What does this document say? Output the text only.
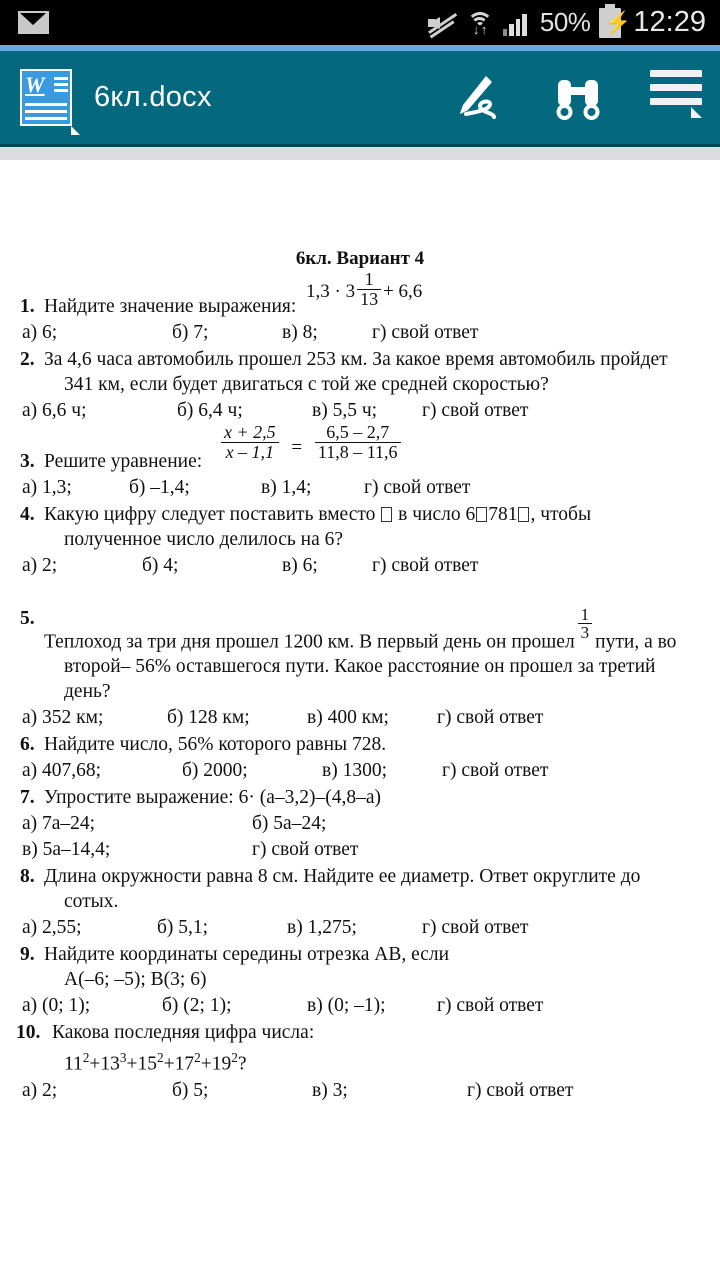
↓ ↑ 50% ⚡ 12:29
W 6кл.docx
6кл. Вариант 4
$1,3 \cdot 3 \frac{1}{13} + 6,6$
1. Найдите значение выражения:
а) 6;	б) 7;	в) 8;	г) свой ответ
2. За 4,6 часа автомобиль прошел 253 км. За какое время автомобиль пройдет
341 км, если будет двигаться с той же средней скоростью?
а) 6,6 ч;	б) 6,4 ч;	в) 5,5 ч;	г) свой ответ
$\frac{x + 2,5}{x - 1,1} = \frac{6,5 - 2,7}{11,8 - 11,6}$
3. Решите уравнение:
а) 1,3;	б) –1,4;	в) 1,4;	г) свой ответ
4. Какую цифру следует поставить вместо в число 6 781 , чтобы
полученное число делилось на 6?
а) 2;	б) 4;	в) 6;	г) свой ответ
5.
Теплоход за три дня прошел 1200 км. В первый день он прошел
$\frac{1}{3}$
пути, а во
второй– 56% оставшегося пути. Какое расстояние он прошел за третий день?
а) 352 км;	б) 128 км;	в) 400 км;	г) свой ответ
6. Найдите число, 56% которого равны 728.
а) 407,68;	б) 2000;	в) 1300;	г) свой ответ
7. Упростите выражение: 6· (а–3,2)–(4,8–а)
а) 7а–24;	б) 5а–24;
в) 5а–14,4;	г) свой ответ
8. Длина окружности равна 8 см. Найдите ее диаметр. Ответ округлите до
сотых.
а) 2,55;	б) 5,1;	в) 1,275;	г) свой ответ
9. Найдите координаты середины отрезка АВ, если
А(–6; –5); В(3; 6)
а) (0; 1);	б) (2; 1);	в) (0; –1);	г) свой ответ
10. Какова последняя цифра числа:
$11^2+13^3+15^2+17^2+19^2$?
а) 2;	б) 5;	в) 3;	г) свой ответ
